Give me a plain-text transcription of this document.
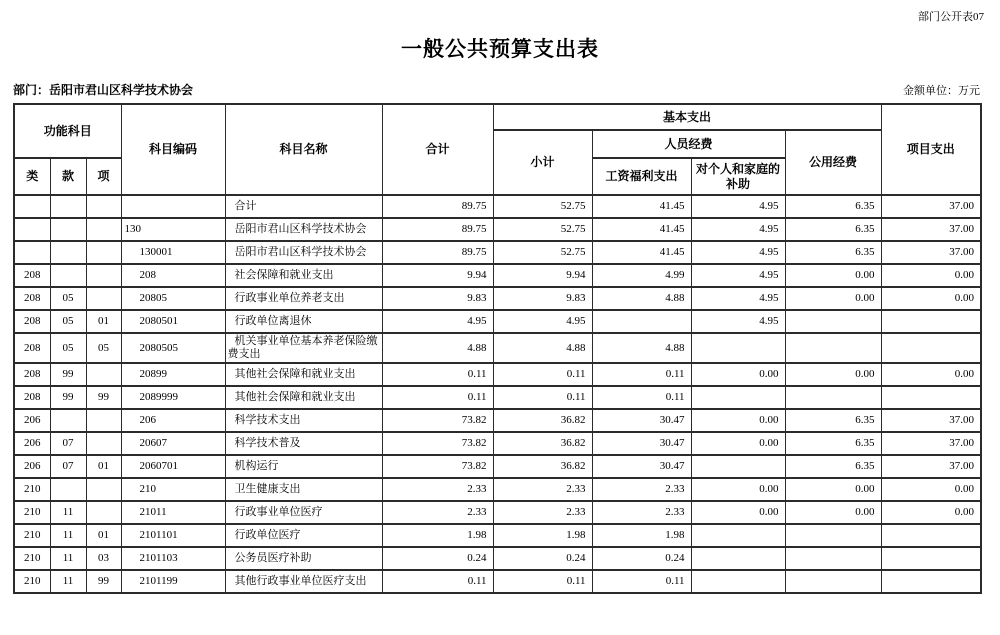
部门公开表07
一般公共预算支出表
部门：岳阳市君山区科学技术协会	金额单位：万元
功能科目			科目编码	科目名称	合计	基本支出				项目支出
						小计	人员经费		公用经费	
类	款	项					工资福利支出	对个人和家庭的补助		
				合计	89.75	52.75	41.45	4.95	6.35	37.00
			130	岳阳市君山区科学技术协会	89.75	52.75	41.45	4.95	6.35	37.00
			130001	岳阳市君山区科学技术协会	89.75	52.75	41.45	4.95	6.35	37.00
208			208	社会保障和就业支出	9.94	9.94	4.99	4.95	0.00	0.00
208	05		20805	行政事业单位养老支出	9.83	9.83	4.88	4.95	0.00	0.00
208	05	01	2080501	行政单位离退休	4.95	4.95		4.95		
208	05	05	2080505	机关事业单位基本养老保险缴费支出	4.88	4.88	4.88			
208	99		20899	其他社会保障和就业支出	0.11	0.11	0.11	0.00	0.00	0.00
208	99	99	2089999	其他社会保障和就业支出	0.11	0.11	0.11			
206			206	科学技术支出	73.82	36.82	30.47	0.00	6.35	37.00
206	07		20607	科学技术普及	73.82	36.82	30.47	0.00	6.35	37.00
206	07	01	2060701	机构运行	73.82	36.82	30.47		6.35	37.00
210			210	卫生健康支出	2.33	2.33	2.33	0.00	0.00	0.00
210	11		21011	行政事业单位医疗	2.33	2.33	2.33	0.00	0.00	0.00
210	11	01	2101101	行政单位医疗	1.98	1.98	1.98			
210	11	03	2101103	公务员医疗补助	0.24	0.24	0.24			
210	11	99	2101199	其他行政事业单位医疗支出	0.11	0.11	0.11			
